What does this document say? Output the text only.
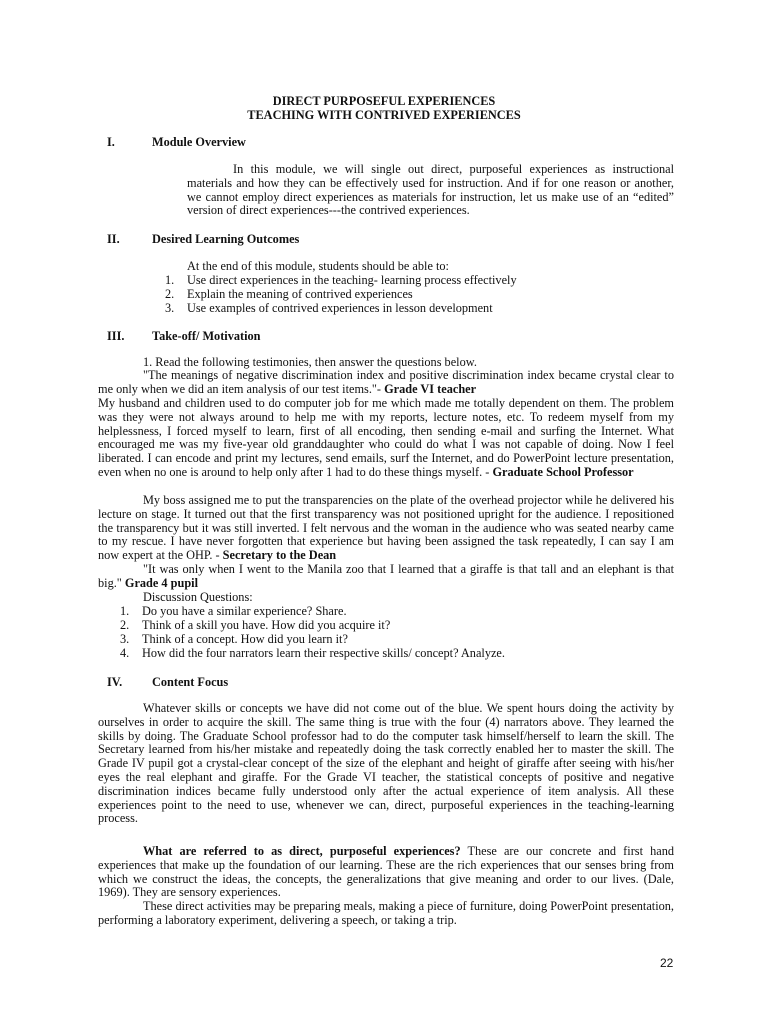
DIRECT PURPOSEFUL EXPERIENCES
TEACHING WITH CONTRIVED EXPERIENCES
I.	Module Overview
In this module, we will single out direct, purposeful experiences as instructional materials and how they can be effectively used for instruction. And if for one reason or another, we cannot employ direct experiences as materials for instruction, let us make use of an “edited” version of direct experiences---the contrived experiences.
II.	Desired Learning Outcomes
At the end of this module, students should be able to:
1. Use direct experiences in the teaching- learning process effectively
2. Explain the meaning of contrived experiences
3. Use examples of contrived experiences in lesson development
III. Take-off/ Motivation
1. Read the following testimonies, then answer the questions below.
"The meanings of negative discrimination index and positive discrimination index became crystal clear to me only when we did an item analysis of our test items."- Grade VI teacher
My husband and children used to do computer job for me which made me totally dependent on them. The problem was they were not always around to help me with my reports, lecture notes, etc. To redeem myself from my helplessness, I forced myself to learn, first of all encoding, then sending e-mail and surfing the Internet. What encouraged me was my five-year old granddaughter who could do what I was not capable of doing. Now I feel liberated. I can encode and print my lectures, send emails, surf the Internet, and do PowerPoint lecture presentation, even when no one is around to help only after 1 had to do these things myself. - Graduate School Professor
My boss assigned me to put the transparencies on the plate of the overhead projector while he delivered his lecture on stage. It turned out that the first transparency was not positioned upright for the audience. I repositioned the transparency but it was still inverted. I felt nervous and the woman in the audience who was seated nearby came to my rescue. I have never forgotten that experience but having been assigned the task repeatedly, I can say I am now expert at the OHP. - Secretary to the Dean
"It was only when I went to the Manila zoo that I learned that a giraffe is that tall and an elephant is that big." Grade 4 pupil
Discussion Questions:
1. Do you have a similar experience? Share.
2. Think of a skill you have. How did you acquire it?
3. Think of a concept. How did you learn it?
4. How did the four narrators learn their respective skills/ concept? Analyze.
IV. Content Focus
Whatever skills or concepts we have did not come out of the blue. We spent hours doing the activity by ourselves in order to acquire the skill. The same thing is true with the four (4) narrators above. They learned the skills by doing. The Graduate School professor had to do the computer task himself/herself to learn the skill. The Secretary learned from his/her mistake and repeatedly doing the task correctly enabled her to master the skill. The Grade IV pupil got a crystal-clear concept of the size of the elephant and height of giraffe after seeing with his/her eyes the real elephant and giraffe. For the Grade VI teacher, the statistical concepts of positive and negative discrimination indices became fully understood only after the actual experience of item analysis. All these experiences point to the need to use, whenever we can, direct, purposeful experiences in the teaching-learning process.
What are referred to as direct, purposeful experiences? These are our concrete and first hand experiences that make up the foundation of our learning. These are the rich experiences that our senses bring from which we construct the ideas, the concepts, the generalizations that give meaning and order to our lives. (Dale, 1969). They are sensory experiences.
These direct activities may be preparing meals, making a piece of furniture, doing PowerPoint presentation, performing a laboratory experiment, delivering a speech, or taking a trip.
22
